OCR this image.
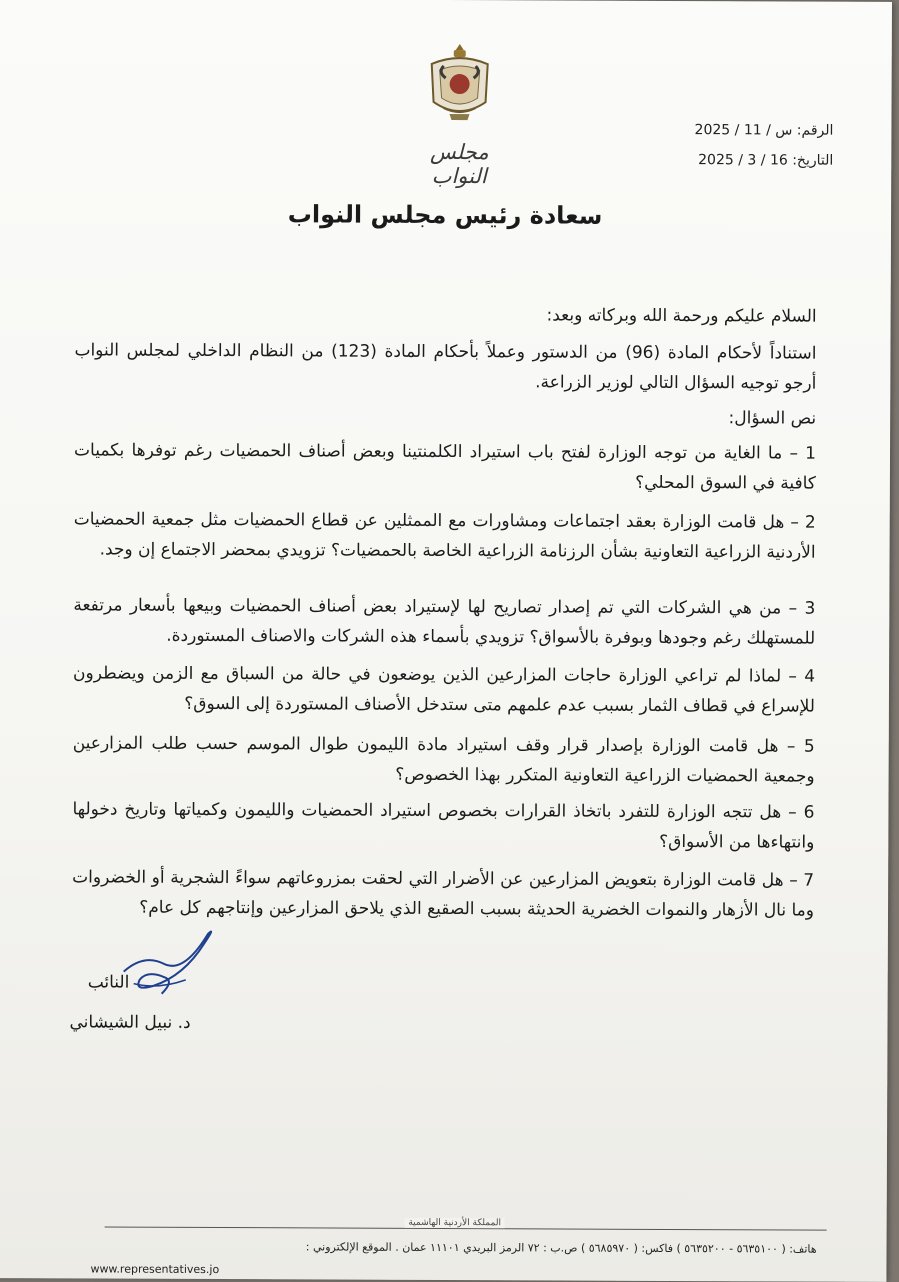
مجلس النواب
الرقم: س / 11 / 2025
التاريخ: 16 / 3 / 2025
سعادة رئيس مجلس النواب
السلام عليكم ورحمة الله وبركاته وبعد:
استناداً لأحكام المادة (96) من الدستور وعملاً بأحكام المادة (123) من النظام الداخلي لمجلس النواب أرجو توجيه السؤال التالي لوزير الزراعة.
نص السؤال:
1 – ما الغاية من توجه الوزارة لفتح باب استيراد الكلمنتينا وبعض أصناف الحمضيات رغم توفرها بكميات كافية في السوق المحلي؟
2 – هل قامت الوزارة بعقد اجتماعات ومشاورات مع الممثلين عن قطاع الحمضيات مثل جمعية الحمضيات الأردنية الزراعية التعاونية بشأن الرزنامة الزراعية الخاصة بالحمضيات؟ تزويدي بمحضر الاجتماع إن وجد.
3 – من هي الشركات التي تم إصدار تصاريح لها لإستيراد بعض أصناف الحمضيات وبيعها بأسعار مرتفعة للمستهلك رغم وجودها وبوفرة بالأسواق؟ تزويدي بأسماء هذه الشركات والاصناف المستوردة.
4 – لماذا لم تراعي الوزارة حاجات المزارعين الذين يوضعون في حالة من السباق مع الزمن ويضطرون للإسراع في قطاف الثمار بسبب عدم علمهم متى ستدخل الأصناف المستوردة إلى السوق؟
5 – هل قامت الوزارة بإصدار قرار وقف استيراد مادة الليمون طوال الموسم حسب طلب المزارعين وجمعية الحمضيات الزراعية التعاونية المتكرر بهذا الخصوص؟
6 – هل تتجه الوزارة للتفرد باتخاذ القرارات بخصوص استيراد الحمضيات والليمون وكمياتها وتاريخ دخولها وانتهاءها من الأسواق؟
7 – هل قامت الوزارة بتعويض المزارعين عن الأضرار التي لحقت بمزروعاتهم سواءً الشجرية أو الخضروات وما نال الأزهار والنموات الخضرية الحديثة بسبب الصقيع الذي يلاحق المزارعين وإنتاجهم كل عام؟
النائب
د. نبيل الشيشاني
المملكة الأردنية الهاشمية
هاتف: ( ٥٦٣٥١٠٠ - ٥٦٣٥٢٠٠ ) فاكس: ( ٥٦٨٥٩٧٠ ) ص.ب : ٧٢ الرمز البريدي ١١١٠١ عمان . الموقع الإلكتروني :
www.representatives.jo
